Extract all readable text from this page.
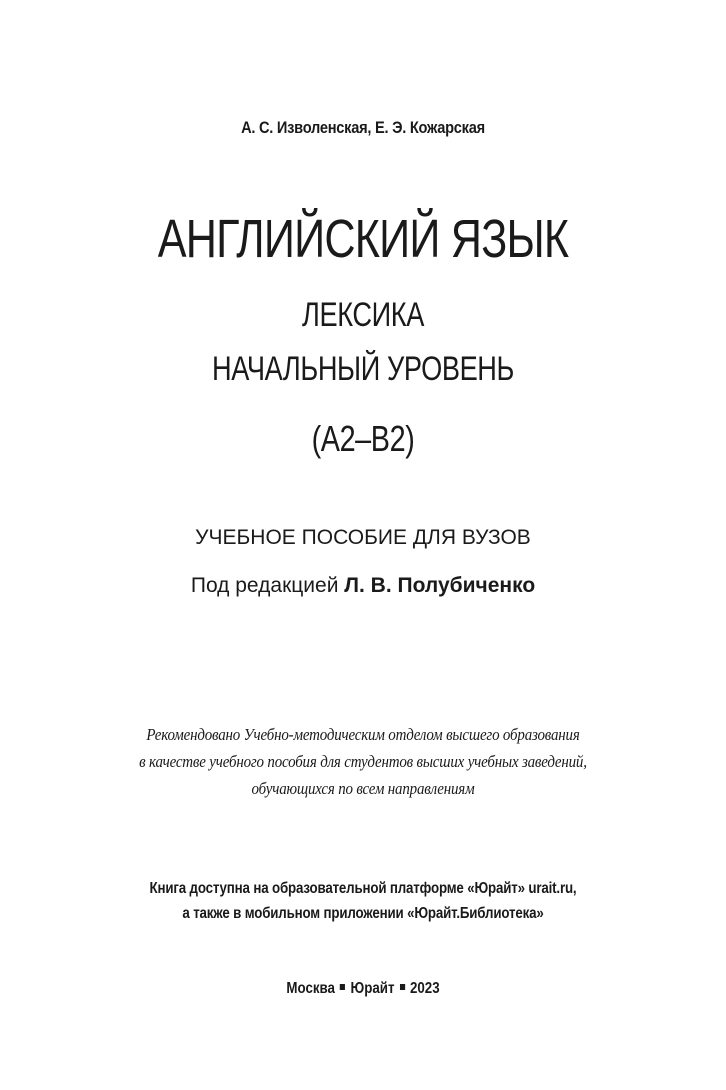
А. С. Изволенская, Е. Э. Кожарская
АНГЛИЙСКИЙ ЯЗЫК
ЛЕКСИКА
НАЧАЛЬНЫЙ УРОВЕНЬ
(A2–B2)
УЧЕБНОЕ ПОСОБИЕ ДЛЯ ВУЗОВ
Под редакцией Л. В. Полубиченко
Рекомендовано Учебно-методическим отделом высшего образования
в качестве учебного пособия для студентов высших учебных заведений,
обучающихся по всем направлениям
Книга доступна на образовательной платформе «Юрайт» urait.ru,
а также в мобильном приложении «Юрайт.Библиотека»
Москва Юрайт 2023
